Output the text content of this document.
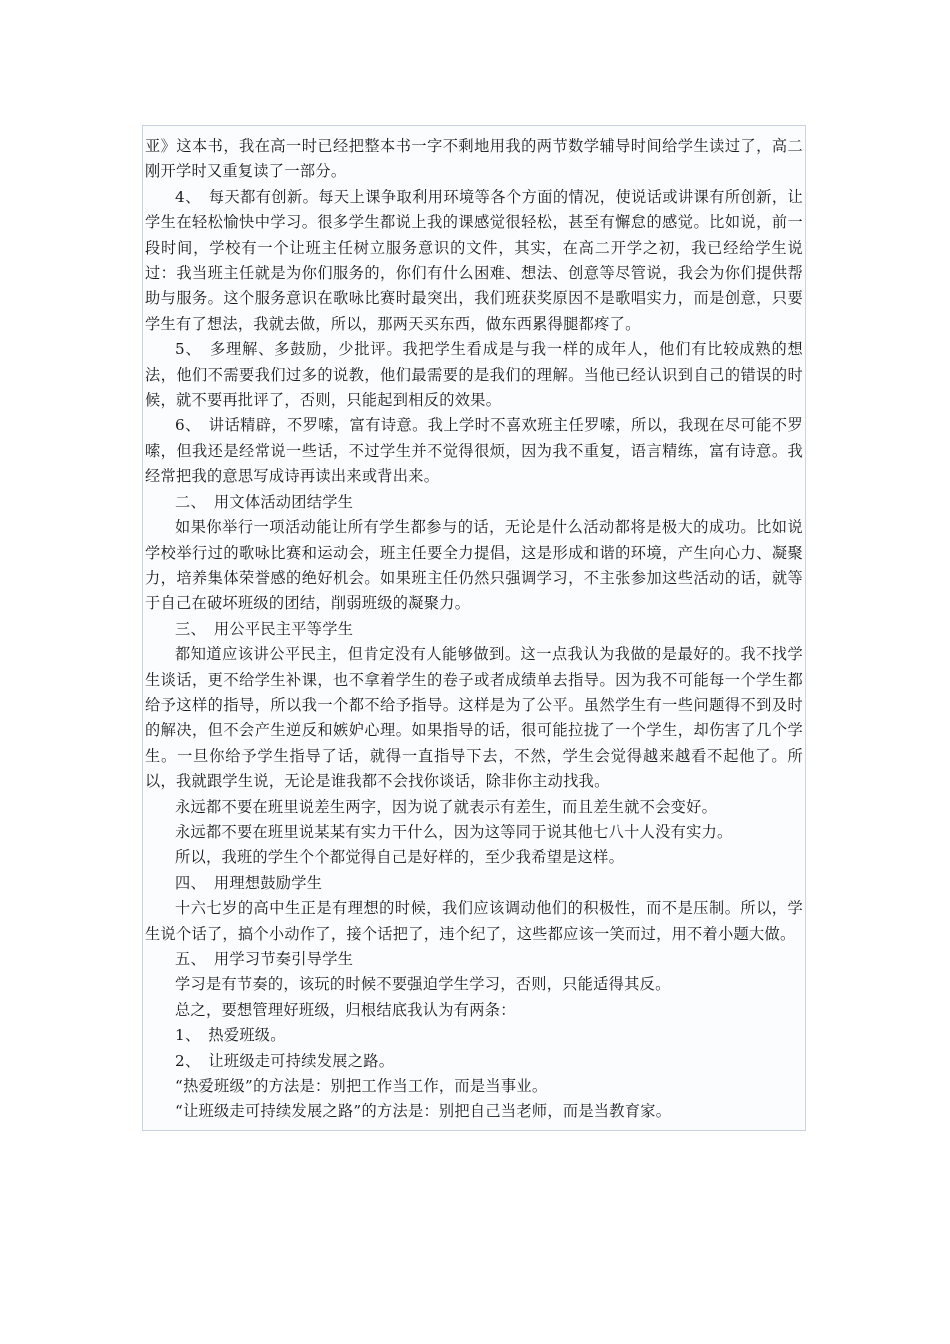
亚》这本书，我在高一时已经把整本书一字不剩地用我的两节数学辅导时间给学生读过了，高二刚开学时又重复读了一部分。

4、　每天都有创新。每天上课争取利用环境等各个方面的情况，使说话或讲课有所创新，让学生在轻松愉快中学习。很多学生都说上我的课感觉很轻松，甚至有懈怠的感觉。比如说，前一段时间，学校有一个让班主任树立服务意识的文件，其实，在高二开学之初，我已经给学生说过：我当班主任就是为你们服务的，你们有什么困难、想法、创意等尽管说，我会为你们提供帮助与服务。这个服务意识在歌咏比赛时最突出，我们班获奖原因不是歌唱实力，而是创意，只要学生有了想法，我就去做，所以，那两天买东西，做东西累得腿都疼了。

5、　多理解、多鼓励，少批评。我把学生看成是与我一样的成年人，他们有比较成熟的想法，他们不需要我们过多的说教，他们最需要的是我们的理解。当他已经认识到自己的错误的时候，就不要再批评了，否则，只能起到相反的效果。

6、　讲话精辟，不罗嗦，富有诗意。我上学时不喜欢班主任罗嗦，所以，我现在尽可能不罗嗦，但我还是经常说一些话，不过学生并不觉得很烦，因为我不重复，语言精练，富有诗意。我经常把我的意思写成诗再读出来或背出来。

二、　用文体活动团结学生

如果你举行一项活动能让所有学生都参与的话，无论是什么活动都将是极大的成功。比如说学校举行过的歌咏比赛和运动会，班主任要全力提倡，这是形成和谐的环境，产生向心力、凝聚力，培养集体荣誉感的绝好机会。如果班主任仍然只强调学习，不主张参加这些活动的话，就等于自己在破坏班级的团结，削弱班级的凝聚力。

三、　用公平民主平等学生

都知道应该讲公平民主，但肯定没有人能够做到。这一点我认为我做的是最好的。我不找学生谈话，更不给学生补课，也不拿着学生的卷子或者成绩单去指导。因为我不可能每一个学生都给予这样的指导，所以我一个都不给予指导。这样是为了公平。虽然学生有一些问题得不到及时的解决，但不会产生逆反和嫉妒心理。如果指导的话，很可能拉拢了一个学生，却伤害了几个学生。一旦你给予学生指导了话，就得一直指导下去，不然，学生会觉得越来越看不起他了。所以，我就跟学生说，无论是谁我都不会找你谈话，除非你主动找我。

永远都不要在班里说差生两字，因为说了就表示有差生，而且差生就不会变好。

永远都不要在班里说某某有实力干什么，因为这等同于说其他七八十人没有实力。

所以，我班的学生个个都觉得自己是好样的，至少我希望是这样。

四、　用理想鼓励学生

十六七岁的高中生正是有理想的时候，我们应该调动他们的积极性，而不是压制。所以，学生说个话了，搞个小动作了，接个话把了，违个纪了，这些都应该一笑而过，用不着小题大做。

五、　用学习节奏引导学生

学习是有节奏的，该玩的时候不要强迫学生学习，否则，只能适得其反。

总之，要想管理好班级，归根结底我认为有两条：

1、　热爱班级。

2、　让班级走可持续发展之路。

“热爱班级”的方法是：别把工作当工作，而是当事业。

“让班级走可持续发展之路”的方法是：别把自己当老师，而是当教育家。
